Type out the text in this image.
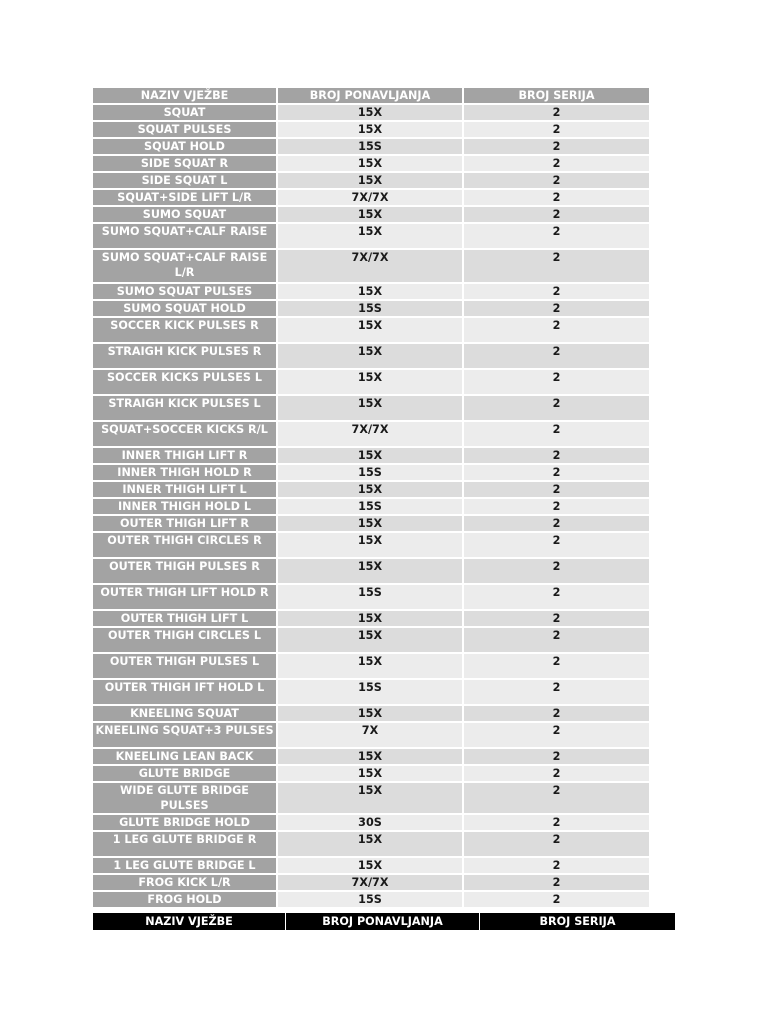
NAZIV VJEŽBE	BROJ PONAVLJANJA	BROJ SERIJA
SQUAT	15X	2
SQUAT PULSES	15X	2
SQUAT HOLD	15S	2
SIDE SQUAT R	15X	2
SIDE SQUAT L	15X	2
SQUAT+SIDE LIFT L/R	7X/7X	2
SUMO SQUAT	15X	2
SUMO SQUAT+CALF RAISE	15X	2
SUMO SQUAT+CALF RAISE L/R	7X/7X	2
SUMO SQUAT PULSES	15X	2
SUMO SQUAT HOLD	15S	2
SOCCER KICK PULSES R	15X	2
STRAIGH KICK PULSES R	15X	2
SOCCER KICKS PULSES L	15X	2
STRAIGH KICK PULSES L	15X	2
SQUAT+SOCCER KICKS R/L	7X/7X	2
INNER THIGH LIFT R	15X	2
INNER THIGH HOLD R	15S	2
INNER THIGH LIFT L	15X	2
INNER THIGH HOLD L	15S	2
OUTER THIGH LIFT R	15X	2
OUTER THIGH CIRCLES R	15X	2
OUTER THIGH PULSES R	15X	2
OUTER THIGH LIFT HOLD R	15S	2
OUTER THIGH LIFT L	15X	2
OUTER THIGH CIRCLES L	15X	2
OUTER THIGH PULSES L	15X	2
OUTER THIGH IFT HOLD L	15S	2
KNEELING SQUAT	15X	2
KNEELING SQUAT+3 PULSES	7X	2
KNEELING LEAN BACK	15X	2
GLUTE BRIDGE	15X	2
WIDE GLUTE BRIDGE PULSES	15X	2
GLUTE BRIDGE HOLD	30S	2
1 LEG GLUTE BRIDGE R	15X	2
1 LEG GLUTE BRIDGE L	15X	2
FROG KICK L/R	7X/7X	2
FROG HOLD	15S	2
NAZIV VJEŽBE	BROJ PONAVLJANJA	BROJ SERIJA
